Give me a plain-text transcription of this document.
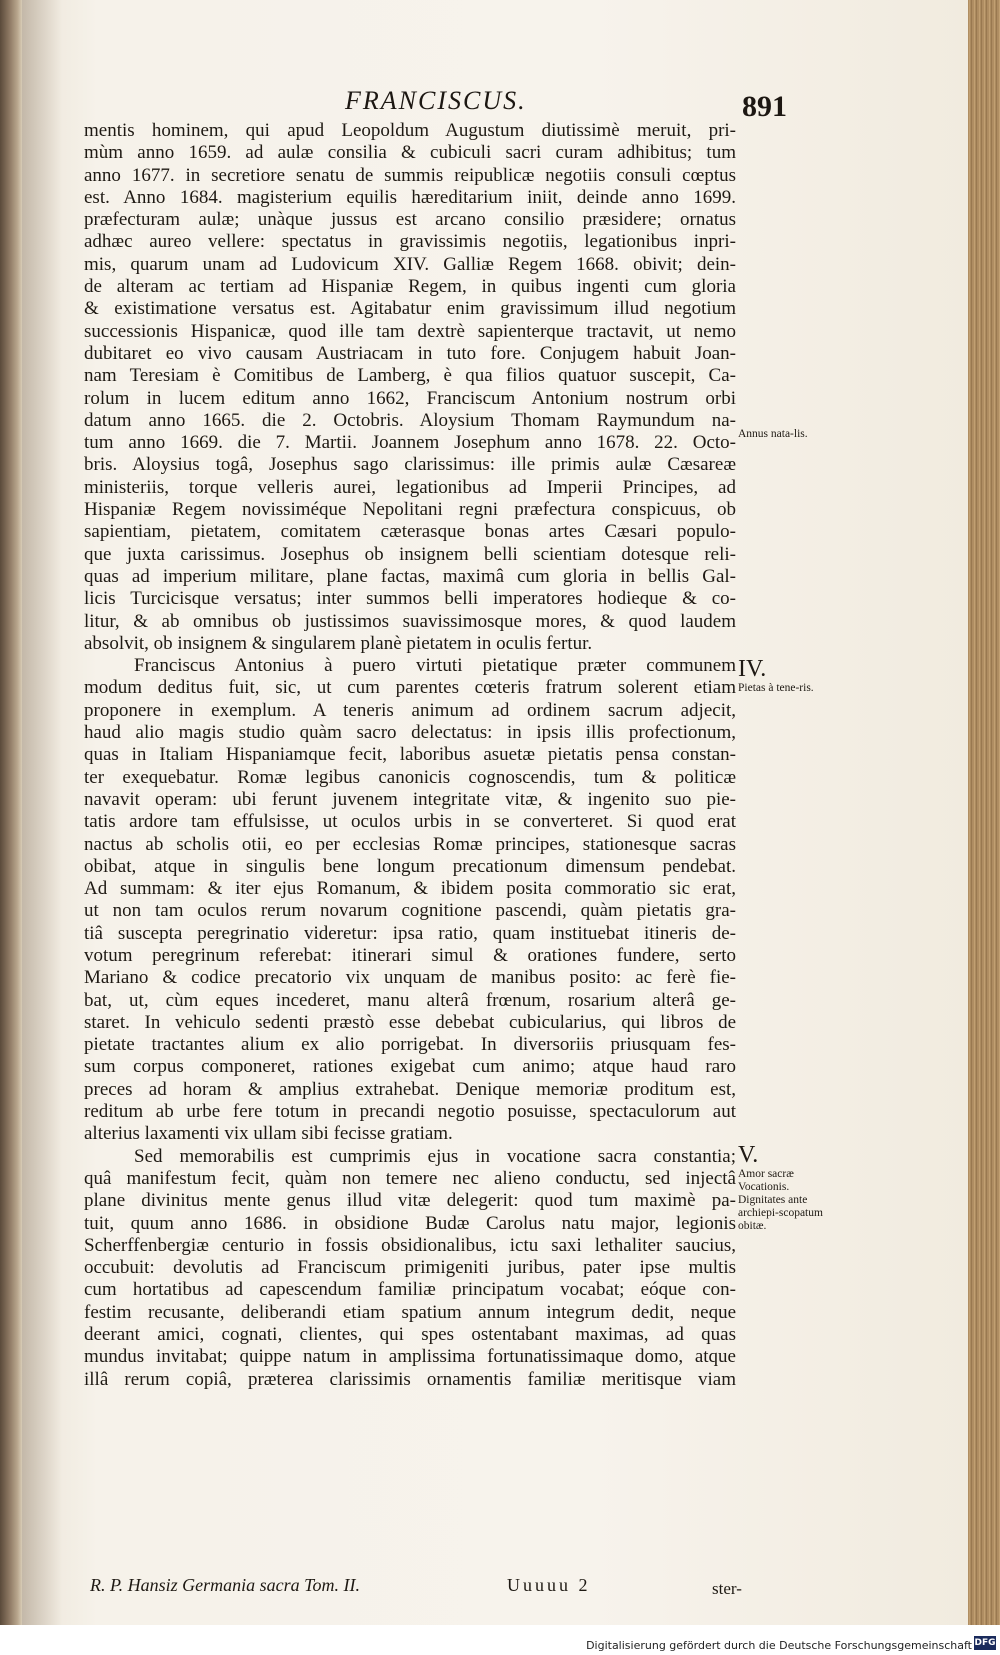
FRANCISCUS.	891
mentis hominem, qui apud Leopoldum Augustum diutissimè meruit, pri-
mùm anno 1659. ad aulæ consilia & cubiculi sacri curam adhibitus; tum
anno 1677. in secretiore senatu de summis reipublicæ negotiis consuli cœptus
est. Anno 1684. magisterium equilis hæreditarium iniit, deinde anno 1699.
præfecturam aulæ; unàque jussus est arcano consilio præsidere; ornatus
adhæc aureo vellere: spectatus in gravissimis negotiis, legationibus inpri-
mis, quarum unam ad Ludovicum XIV. Galliæ Regem 1668. obivit; dein-
de alteram ac tertiam ad Hispaniæ Regem, in quibus ingenti cum gloria
& existimatione versatus est. Agitabatur enim gravissimum illud negotium
successionis Hispanicæ, quod ille tam dextrè sapienterque tractavit, ut nemo
dubitaret eo vivo causam Austriacam in tuto fore. Conjugem habuit Joan-
nam Teresiam è Comitibus de Lamberg, è qua filios quatuor suscepit, Ca-
rolum in lucem editum anno 1662, Franciscum Antonium nostrum orbi
datum anno 1665. die 2. Octobris. Aloysium Thomam Raymundum na-
tum anno 1669. die 7. Martii. Joannem Josephum anno 1678. 22. Octo-
bris. Aloysius togâ, Josephus sago clarissimus: ille primis aulæ Cæsareæ
ministeriis, torque velleris aurei, legationibus ad Imperii Principes, ad
Hispaniæ Regem novissiméque Nepolitani regni præfectura conspicuus, ob
sapientiam, pietatem, comitatem cæterasque bonas artes Cæsari populo-
que juxta carissimus. Josephus ob insignem belli scientiam dotesque reli-
quas ad imperium militare, plane factas, maximâ cum gloria in bellis Gal-
licis Turcicisque versatus; inter summos belli imperatores hodieque & co-
litur, & ab omnibus ob justissimos suavissimosque mores, & quod laudem
absolvit, ob insignem & singularem planè pietatem in oculis fertur.
Franciscus Antonius à puero virtuti pietatique præter communem
modum deditus fuit, sic, ut cum parentes cœteris fratrum solerent etiam
proponere in exemplum. A teneris animum ad ordinem sacrum adjecit,
haud alio magis studio quàm sacro delectatus: in ipsis illis profectionum,
quas in Italiam Hispaniamque fecit, laboribus asuetæ pietatis pensa constan-
ter exequebatur. Romæ legibus canonicis cognoscendis, tum & politicæ
navavit operam: ubi ferunt juvenem integritate vitæ, & ingenito suo pie-
tatis ardore tam effulsisse, ut oculos urbis in se converteret. Si quod erat
nactus ab scholis otii, eo per ecclesias Romæ principes, stationesque sacras
obibat, atque in singulis bene longum precationum dimensum pendebat.
Ad summam: & iter ejus Romanum, & ibidem posita commoratio sic erat,
ut non tam oculos rerum novarum cognitione pascendi, quàm pietatis gra-
tiâ suscepta peregrinatio videretur: ipsa ratio, quam instituebat itineris de-
votum peregrinum referebat: itinerari simul & orationes fundere, serto
Mariano & codice precatorio vix unquam de manibus posito: ac ferè fie-
bat, ut, cùm eques incederet, manu alterâ frœnum, rosarium alterâ ge-
staret. In vehiculo sedenti præstò esse debebat cubicularius, qui libros de
pietate tractantes alium ex alio porrigebat. In diversoriis priusquam fes-
sum corpus componeret, rationes exigebat cum animo; atque haud raro
preces ad horam & amplius extrahebat. Denique memoriæ proditum est,
reditum ab urbe fere totum in precandi negotio posuisse, spectaculorum aut
alterius laxamenti vix ullam sibi fecisse gratiam.
Sed memorabilis est cumprimis ejus in vocatione sacra constantia;
quâ manifestum fecit, quàm non temere nec alieno conductu, sed injectâ
plane divinitus mente genus illud vitæ delegerit: quod tum maximè pa-
tuit, quum anno 1686. in obsidione Budæ Carolus natu major, legionis
Scherffenbergiæ centurio in fossis obsidionalibus, ictu saxi lethaliter saucius,
occubuit: devolutis ad Franciscum primigeniti juribus, pater ipse multis
cum hortatibus ad capescendum familiæ principatum vocabat; eóque con-
festim recusante, deliberandi etiam spatium annum integrum dedit, neque
deerant amici, cognati, clientes, qui spes ostentabant maximas, ad quas
mundus invitabat; quippe natum in amplissima fortunatissimaque domo, atque
illâ rerum copiâ, præterea clarissimis ornamentis familiæ meritisque viam
Annus nata-lis.
IV.
Pietas à tene-ris.
V.
Amor sacræ Vocationis. Dignitates ante archiepi-scopatum obitæ.
R. P. Hansiz Germania sacra Tom. II.	Uuuuu 2	ster-
Digitalisierung gefördert durch die Deutsche Forschungsgemeinschaft DFG
